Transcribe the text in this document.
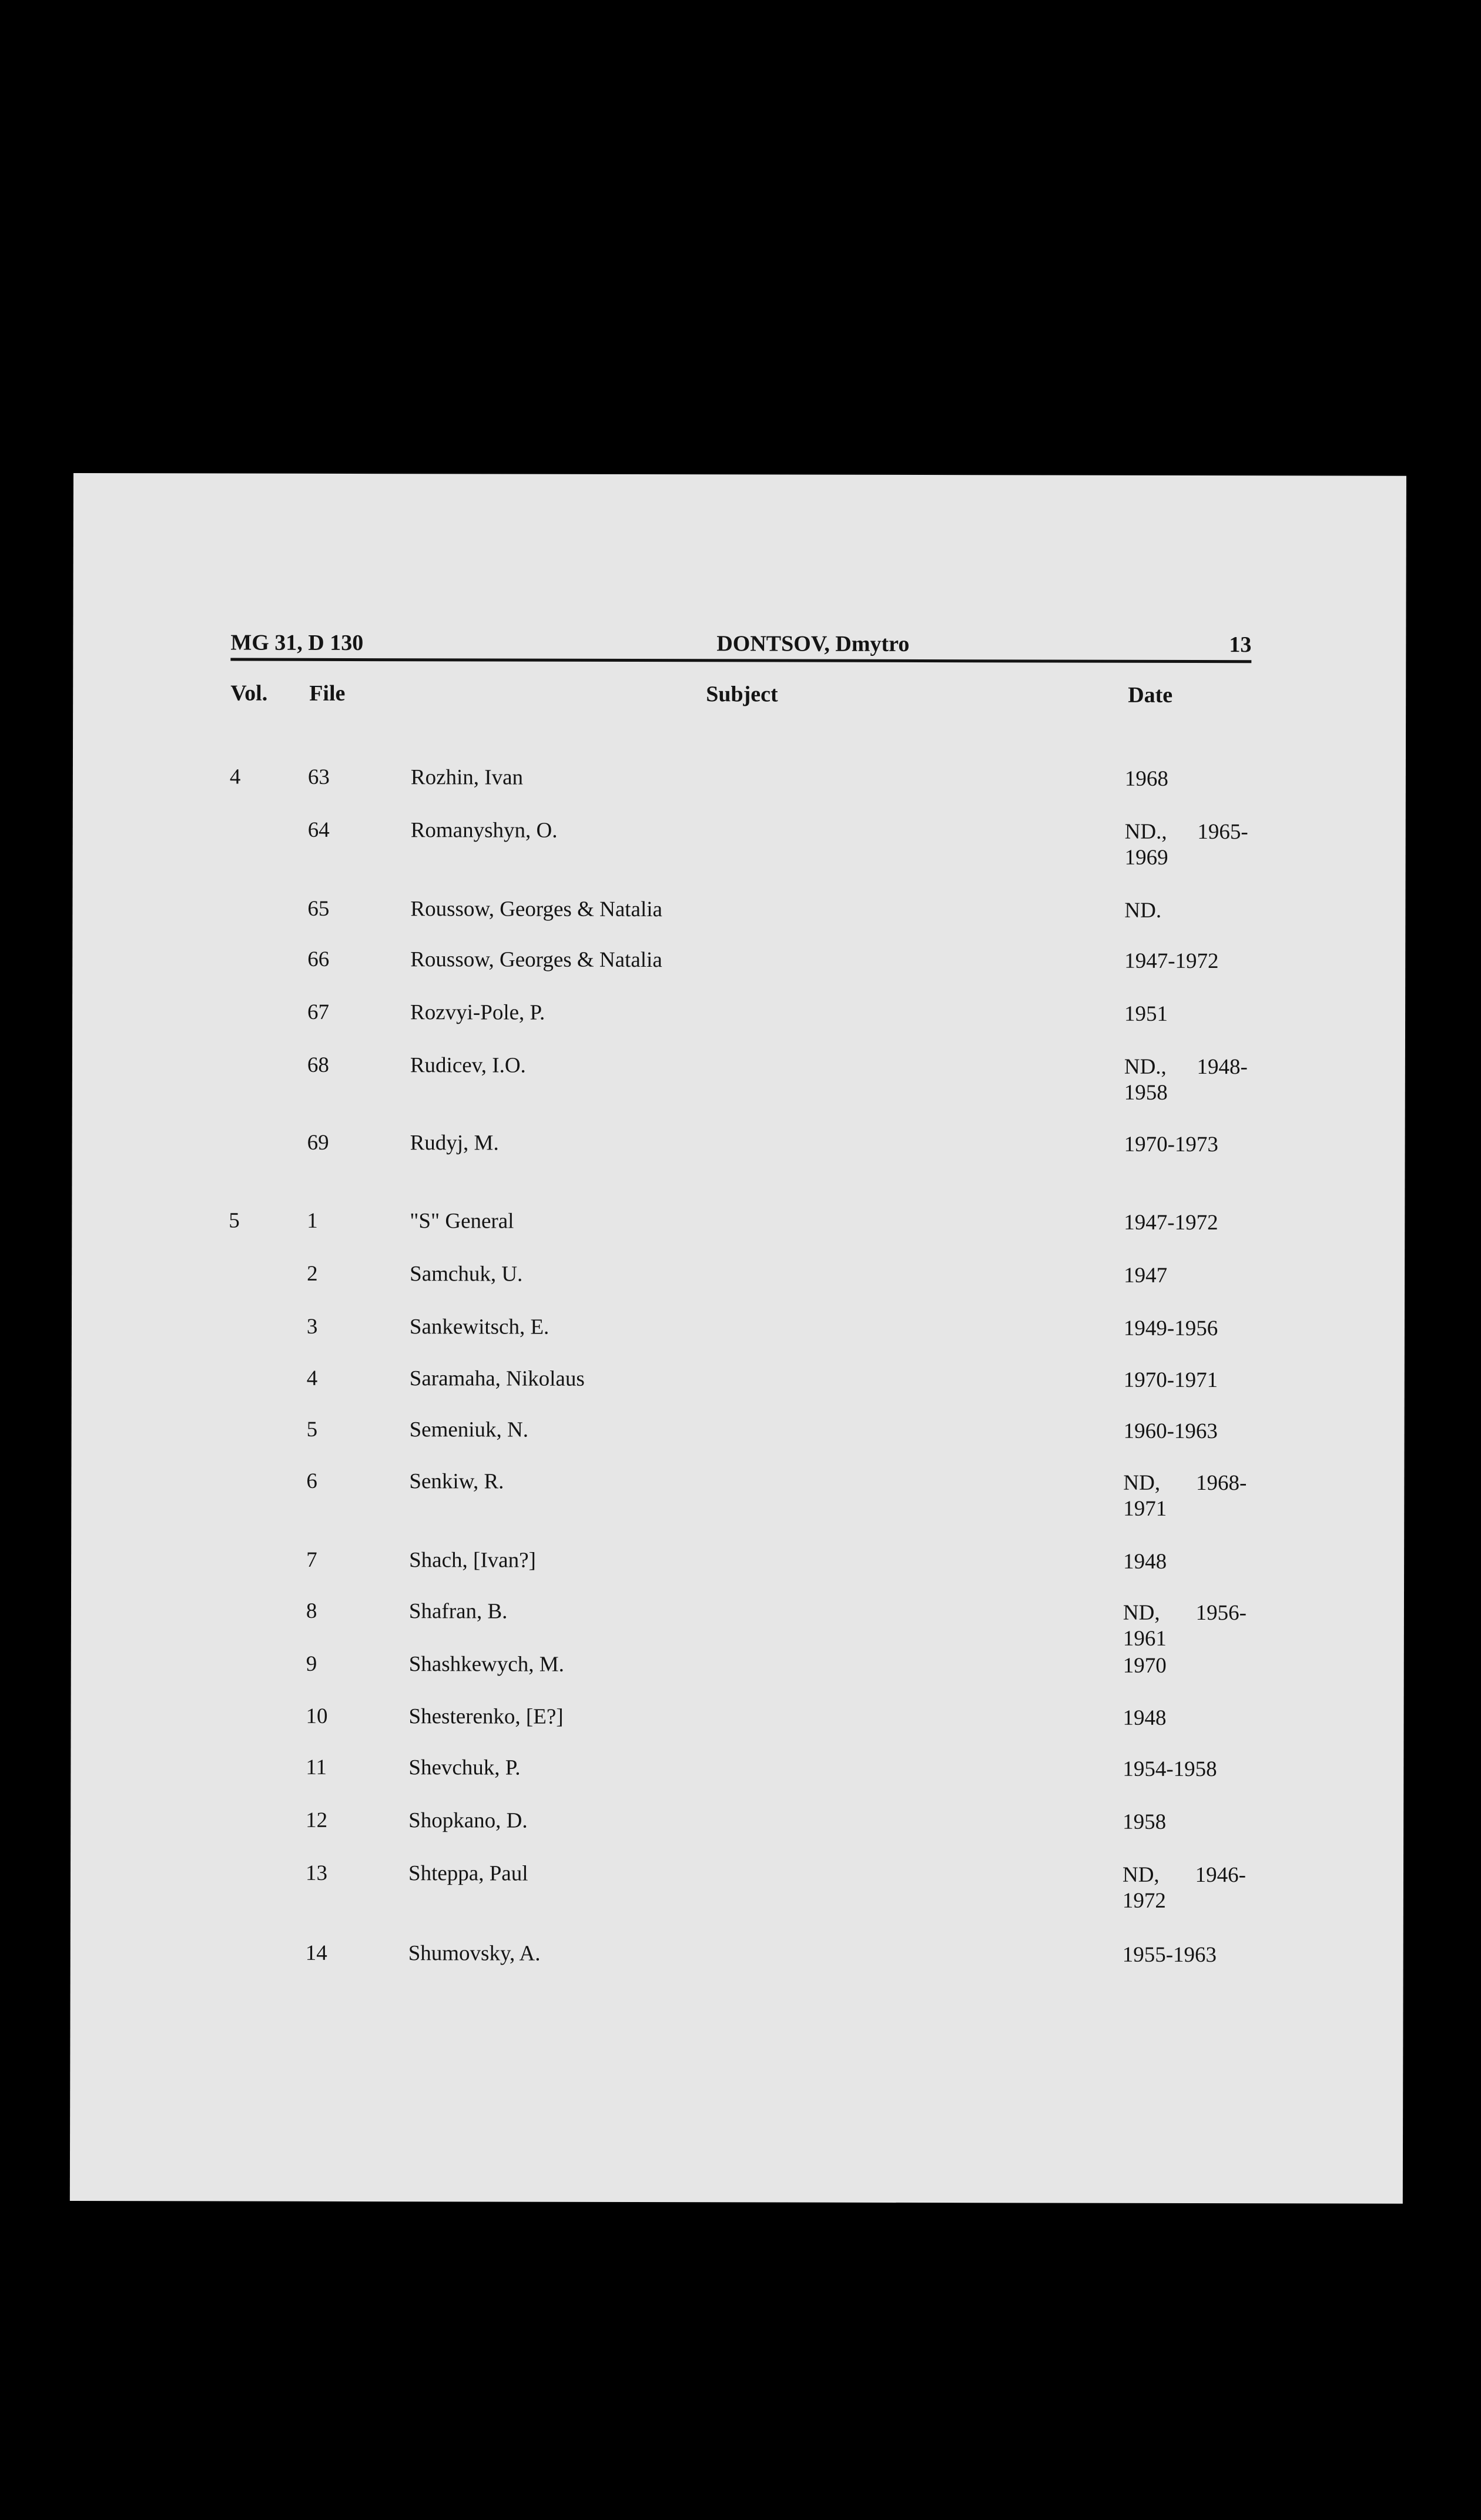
MG 31, D 130	DONTSOV, Dmytro	13
Vol. File	Subject	Date
4	63	Rozhin, Ivan	1968
64	Romanyshyn, O.	ND., 1965-
1969
65	Roussow, Georges & Natalia	ND.
66	Roussow, Georges & Natalia	1947-1972
67	Rozvyi-Pole, P.	1951
68	Rudicev, I.O.	ND., 1948-
1958
69	Rudyj, M.	1970-1973
5	1	"S" General	1947-1972
2	Samchuk, U.	1947
3	Sankewitsch, E.	1949-1956
4	Saramaha, Nikolaus	1970-1971
5	Semeniuk, N.	1960-1963
6	Senkiw, R.	ND, 1968-
1971
7	Shach, [Ivan?]	1948
8	Shafran, B.	ND, 1956-
1961
9	Shashkewych, M.	1970
10	Shesterenko, [E?]	1948
11	Shevchuk, P.	1954-1958
12	Shopkano, D.	1958
13	Shteppa, Paul	ND, 1946-
1972
14	Shumovsky, A.	1955-1963
